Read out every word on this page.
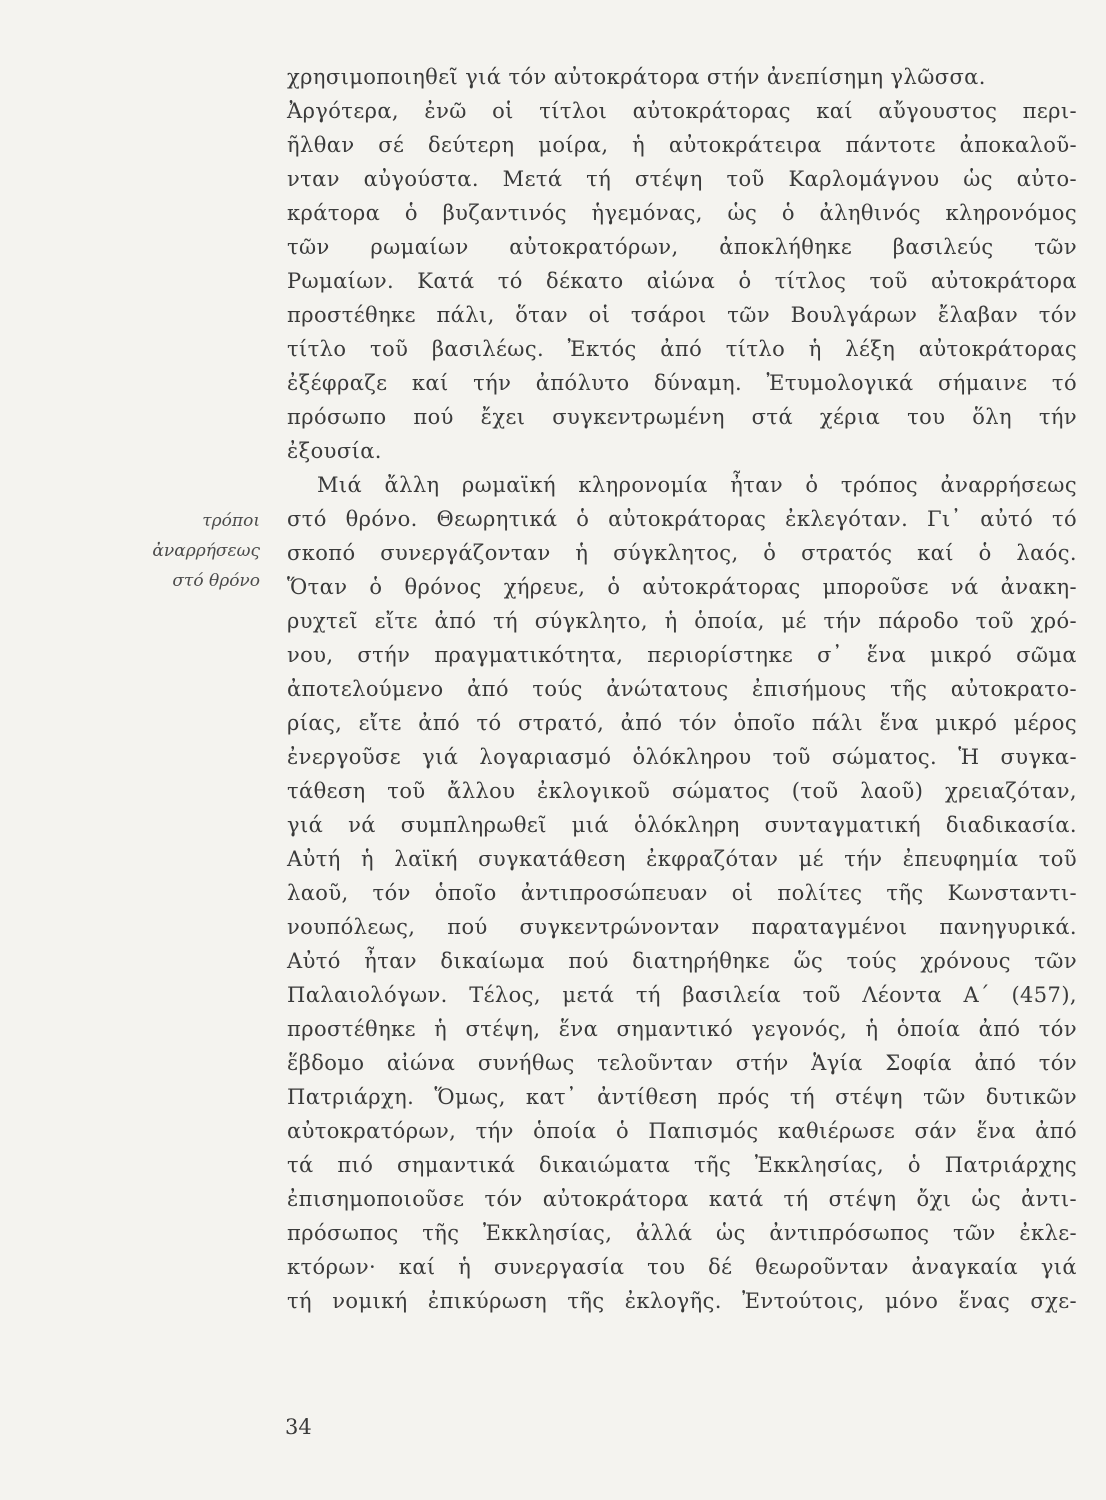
χρησιμοποιηθεῖ γιά τόν αὐτοκράτορα στήν ἀνεπίσημη γλῶσσα.
Ἀργότερα, ἐνῶ οἱ τίτλοι αὐτοκράτορας καί αὔγουστος περι-
ῆλθαν σέ δεύτερη μοίρα, ἡ αὐτοκράτειρα πάντοτε ἀποκαλοῦ-
νταν αὐγούστα. Μετά τή στέψη τοῦ Καρλομάγνου ὡς αὐτο-
κράτορα ὁ βυζαντινός ἡγεμόνας, ὡς ὁ ἀληθινός κληρονόμος
τῶν ρωμαίων αὐτοκρατόρων, ἀποκλήθηκε βασιλεύς τῶν
Ρωμαίων. Κατά τό δέκατο αἰώνα ὁ τίτλος τοῦ αὐτοκράτορα
προστέθηκε πάλι, ὅταν οἱ τσάροι τῶν Βουλγάρων ἔλαβαν τόν
τίτλο τοῦ βασιλέως. Ἐκτός ἀπό τίτλο ἡ λέξη αὐτοκράτορας
ἐξέφραζε καί τήν ἀπόλυτο δύναμη. Ἐτυμολογικά σήμαινε τό
πρόσωπο πού ἔχει συγκεντρωμένη στά χέρια του ὅλη τήν
ἐξουσία.
Μιά ἄλλη ρωμαϊκή κληρονομία ἦταν ὁ τρόπος ἀναρρήσεως
στό θρόνο. Θεωρητικά ὁ αὐτοκράτορας ἐκλεγόταν. Γι᾽ αὐτό τό
σκοπό συνεργάζονταν ἡ σύγκλητος, ὁ στρατός καί ὁ λαός.
Ὅταν ὁ θρόνος χήρευε, ὁ αὐτοκράτορας μποροῦσε νά ἀνακη-
ρυχτεῖ εἴτε ἀπό τή σύγκλητο, ἡ ὁποία, μέ τήν πάροδο τοῦ χρό-
νου, στήν πραγματικότητα, περιορίστηκε σ᾽ ἕνα μικρό σῶμα
ἀποτελούμενο ἀπό τούς ἀνώτατους ἐπισήμους τῆς αὐτοκρατο-
ρίας, εἴτε ἀπό τό στρατό, ἀπό τόν ὁποῖο πάλι ἕνα μικρό μέρος
ἐνεργοῦσε γιά λογαριασμό ὁλόκληρου τοῦ σώματος. Ἡ συγκα-
τάθεση τοῦ ἄλλου ἐκλογικοῦ σώματος (τοῦ λαοῦ) χρειαζόταν,
γιά νά συμπληρωθεῖ μιά ὁλόκληρη συνταγματική διαδικασία.
Αὐτή ἡ λαϊκή συγκατάθεση ἐκφραζόταν μέ τήν ἐπευφημία τοῦ
λαοῦ, τόν ὁποῖο ἀντιπροσώπευαν οἱ πολίτες τῆς Κωνσταντι-
νουπόλεως, πού συγκεντρώνονταν παραταγμένοι πανηγυρικά.
Αὐτό ἦταν δικαίωμα πού διατηρήθηκε ὥς τούς χρόνους τῶν
Παλαιολόγων. Τέλος, μετά τή βασιλεία τοῦ Λέοντα Α΄ (457),
προστέθηκε ἡ στέψη, ἕνα σημαντικό γεγονός, ἡ ὁποία ἀπό τόν
ἕβδομο αἰώνα συνήθως τελοῦνταν στήν Ἁγία Σοφία ἀπό τόν
Πατριάρχη. Ὅμως, κατ᾽ ἀντίθεση πρός τή στέψη τῶν δυτικῶν
αὐτοκρατόρων, τήν ὁποία ὁ Παπισμός καθιέρωσε σάν ἕνα ἀπό
τά πιό σημαντικά δικαιώματα τῆς Ἐκκλησίας, ὁ Πατριάρχης
ἐπισημοποιοῦσε τόν αὐτοκράτορα κατά τή στέψη ὄχι ὡς ἀντι-
πρόσωπος τῆς Ἐκκλησίας, ἀλλά ὡς ἀντιπρόσωπος τῶν ἐκλε-
κτόρων· καί ἡ συνεργασία του δέ θεωροῦνταν ἀναγκαία γιά
τή νομική ἐπικύρωση τῆς ἐκλογῆς. Ἐντούτοις, μόνο ἕνας σχε-
τρόποι
ἀναρρήσεως
στό θρόνο
34
